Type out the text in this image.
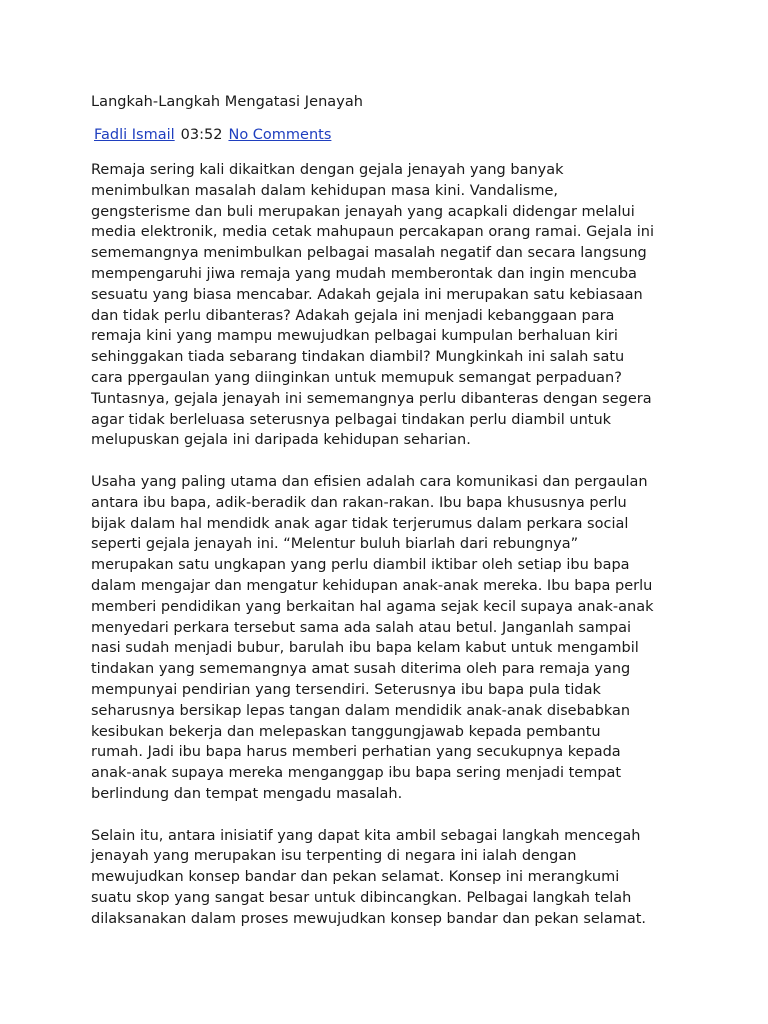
Langkah-Langkah Mengatasi Jenayah
Fadli Ismail 03:52 No Comments

Remaja sering kali dikaitkan dengan gejala jenayah yang banyak
menimbulkan masalah dalam kehidupan masa kini. Vandalisme,
gengsterisme dan buli merupakan jenayah yang acapkali didengar melalui
media elektronik, media cetak mahupaun percakapan orang ramai. Gejala ini
sememangnya menimbulkan pelbagai masalah negatif dan secara langsung
mempengaruhi jiwa remaja yang mudah memberontak dan ingin mencuba
sesuatu yang biasa mencabar. Adakah gejala ini merupakan satu kebiasaan
dan tidak perlu dibanteras? Adakah gejala ini menjadi kebanggaan para
remaja kini yang mampu mewujudkan pelbagai kumpulan berhaluan kiri
sehinggakan tiada sebarang tindakan diambil? Mungkinkah ini salah satu
cara ppergaulan yang diinginkan untuk memupuk semangat perpaduan?
Tuntasnya, gejala jenayah ini sememangnya perlu dibanteras dengan segera
agar tidak berleluasa seterusnya pelbagai tindakan perlu diambil untuk
melupuskan gejala ini daripada kehidupan seharian.

Usaha yang paling utama dan efisien adalah cara komunikasi dan pergaulan
antara ibu bapa, adik-beradik dan rakan-rakan. Ibu bapa khususnya perlu
bijak dalam hal mendidk anak agar tidak terjerumus dalam perkara social
seperti gejala jenayah ini. “Melentur buluh biarlah dari rebungnya”
merupakan satu ungkapan yang perlu diambil iktibar oleh setiap ibu bapa
dalam mengajar dan mengatur kehidupan anak-anak mereka. Ibu bapa perlu
memberi pendidikan yang berkaitan hal agama sejak kecil supaya anak-anak
menyedari perkara tersebut sama ada salah atau betul. Janganlah sampai
nasi sudah menjadi bubur, barulah ibu bapa kelam kabut untuk mengambil
tindakan yang sememangnya amat susah diterima oleh para remaja yang
mempunyai pendirian yang tersendiri. Seterusnya ibu bapa pula tidak
seharusnya bersikap lepas tangan dalam mendidik anak-anak disebabkan
kesibukan bekerja dan melepaskan tanggungjawab kepada pembantu
rumah. Jadi ibu bapa harus memberi perhatian yang secukupnya kepada
anak-anak supaya mereka menganggap ibu bapa sering menjadi tempat
berlindung dan tempat mengadu masalah.

Selain itu, antara inisiatif yang dapat kita ambil sebagai langkah mencegah
jenayah yang merupakan isu terpenting di negara ini ialah dengan
mewujudkan konsep bandar dan pekan selamat. Konsep ini merangkumi
suatu skop yang sangat besar untuk dibincangkan. Pelbagai langkah telah
dilaksanakan dalam proses mewujudkan konsep bandar dan pekan selamat.
